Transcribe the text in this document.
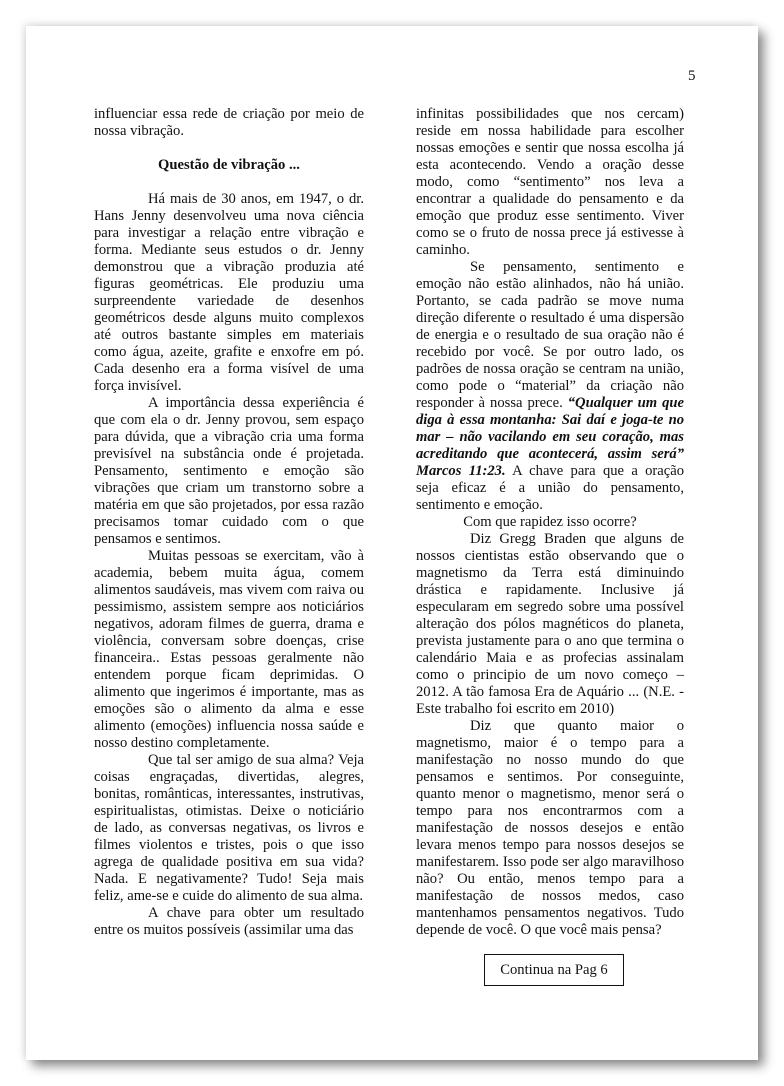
5

influenciar essa rede de criação por meio de nossa vibração.

Questão de vibração ...

Há mais de 30 anos, em 1947, o dr. Hans Jenny desenvolveu uma nova ciência para investigar a relação entre vibração e forma. Mediante seus estudos o dr. Jenny demonstrou que a vibração produzia até figuras geométricas. Ele produziu uma surpreendente variedade de desenhos geométricos desde alguns muito complexos até outros bastante simples em materiais como água, azeite, grafite e enxofre em pó. Cada desenho era a forma visível de uma força invisível.

A importância dessa experiência é que com ela o dr. Jenny provou, sem espaço para dúvida, que a vibração cria uma forma previsível na substância onde é projetada. Pensamento, sentimento e emoção são vibrações que criam um transtorno sobre a matéria em que são projetados, por essa razão precisamos tomar cuidado com o que pensamos e sentimos.

Muitas pessoas se exercitam, vão à academia, bebem muita água, comem alimentos saudáveis, mas vivem com raiva ou pessimismo, assistem sempre aos noticiários negativos, adoram filmes de guerra, drama e violência, conversam sobre doenças, crise financeira.. Estas pessoas geralmente não entendem porque ficam deprimidas. O alimento que ingerimos é importante, mas as emoções são o alimento da alma e esse alimento (emoções) influencia nossa saúde e nosso destino completamente.

Que tal ser amigo de sua alma? Veja coisas engraçadas, divertidas, alegres, bonitas, românticas, interessantes, instrutivas, espiritualistas, otimistas. Deixe o noticiário de lado, as conversas negativas, os livros e filmes violentos e tristes, pois o que isso agrega de qualidade positiva em sua vida? Nada. E negativamente? Tudo! Seja mais feliz, ame-se e cuide do alimento de sua alma.

A chave para obter um resultado entre os muitos possíveis (assimilar uma das

infinitas possibilidades que nos cercam) reside em nossa habilidade para escolher nossas emoções e sentir que nossa escolha já esta acontecendo. Vendo a oração desse modo, como “sentimento” nos leva a encontrar a qualidade do pensamento e da emoção que produz esse sentimento. Viver como se o fruto de nossa prece já estivesse à caminho.

Se pensamento, sentimento e emoção não estão alinhados, não há união. Portanto, se cada padrão se move numa direção diferente o resultado é uma dispersão de energia e o resultado de sua oração não é recebido por você. Se por outro lado, os padrões de nossa oração se centram na união, como pode o “material” da criação não responder à nossa prece. “Qualquer um que diga à essa montanha: Sai daí e joga-te no mar – não vacilando em seu coração, mas acreditando que acontecerá, assim será” Marcos 11:23. A chave para que a oração seja eficaz é a união do pensamento, sentimento e emoção.

Com que rapidez isso ocorre?

Diz Gregg Braden que alguns de nossos cientistas estão observando que o magnetismo da Terra está diminuindo drástica e rapidamente. Inclusive já especularam em segredo sobre uma possível alteração dos pólos magnéticos do planeta, prevista justamente para o ano que termina o calendário Maia e as profecias assinalam como o principio de um novo começo – 2012. A tão famosa Era de Aquário ... (N.E. - Este trabalho foi escrito em 2010)

Diz que quanto maior o magnetismo, maior é o tempo para a manifestação no nosso mundo do que pensamos e sentimos. Por conseguinte, quanto menor o magnetismo, menor será o tempo para nos encontrarmos com a manifestação de nossos desejos e então levara menos tempo para nossos desejos se manifestarem. Isso pode ser algo maravilhoso não? Ou então, menos tempo para a manifestação de nossos medos, caso mantenhamos pensamentos negativos. Tudo depende de você. O que você mais pensa?

Continua na Pag 6
